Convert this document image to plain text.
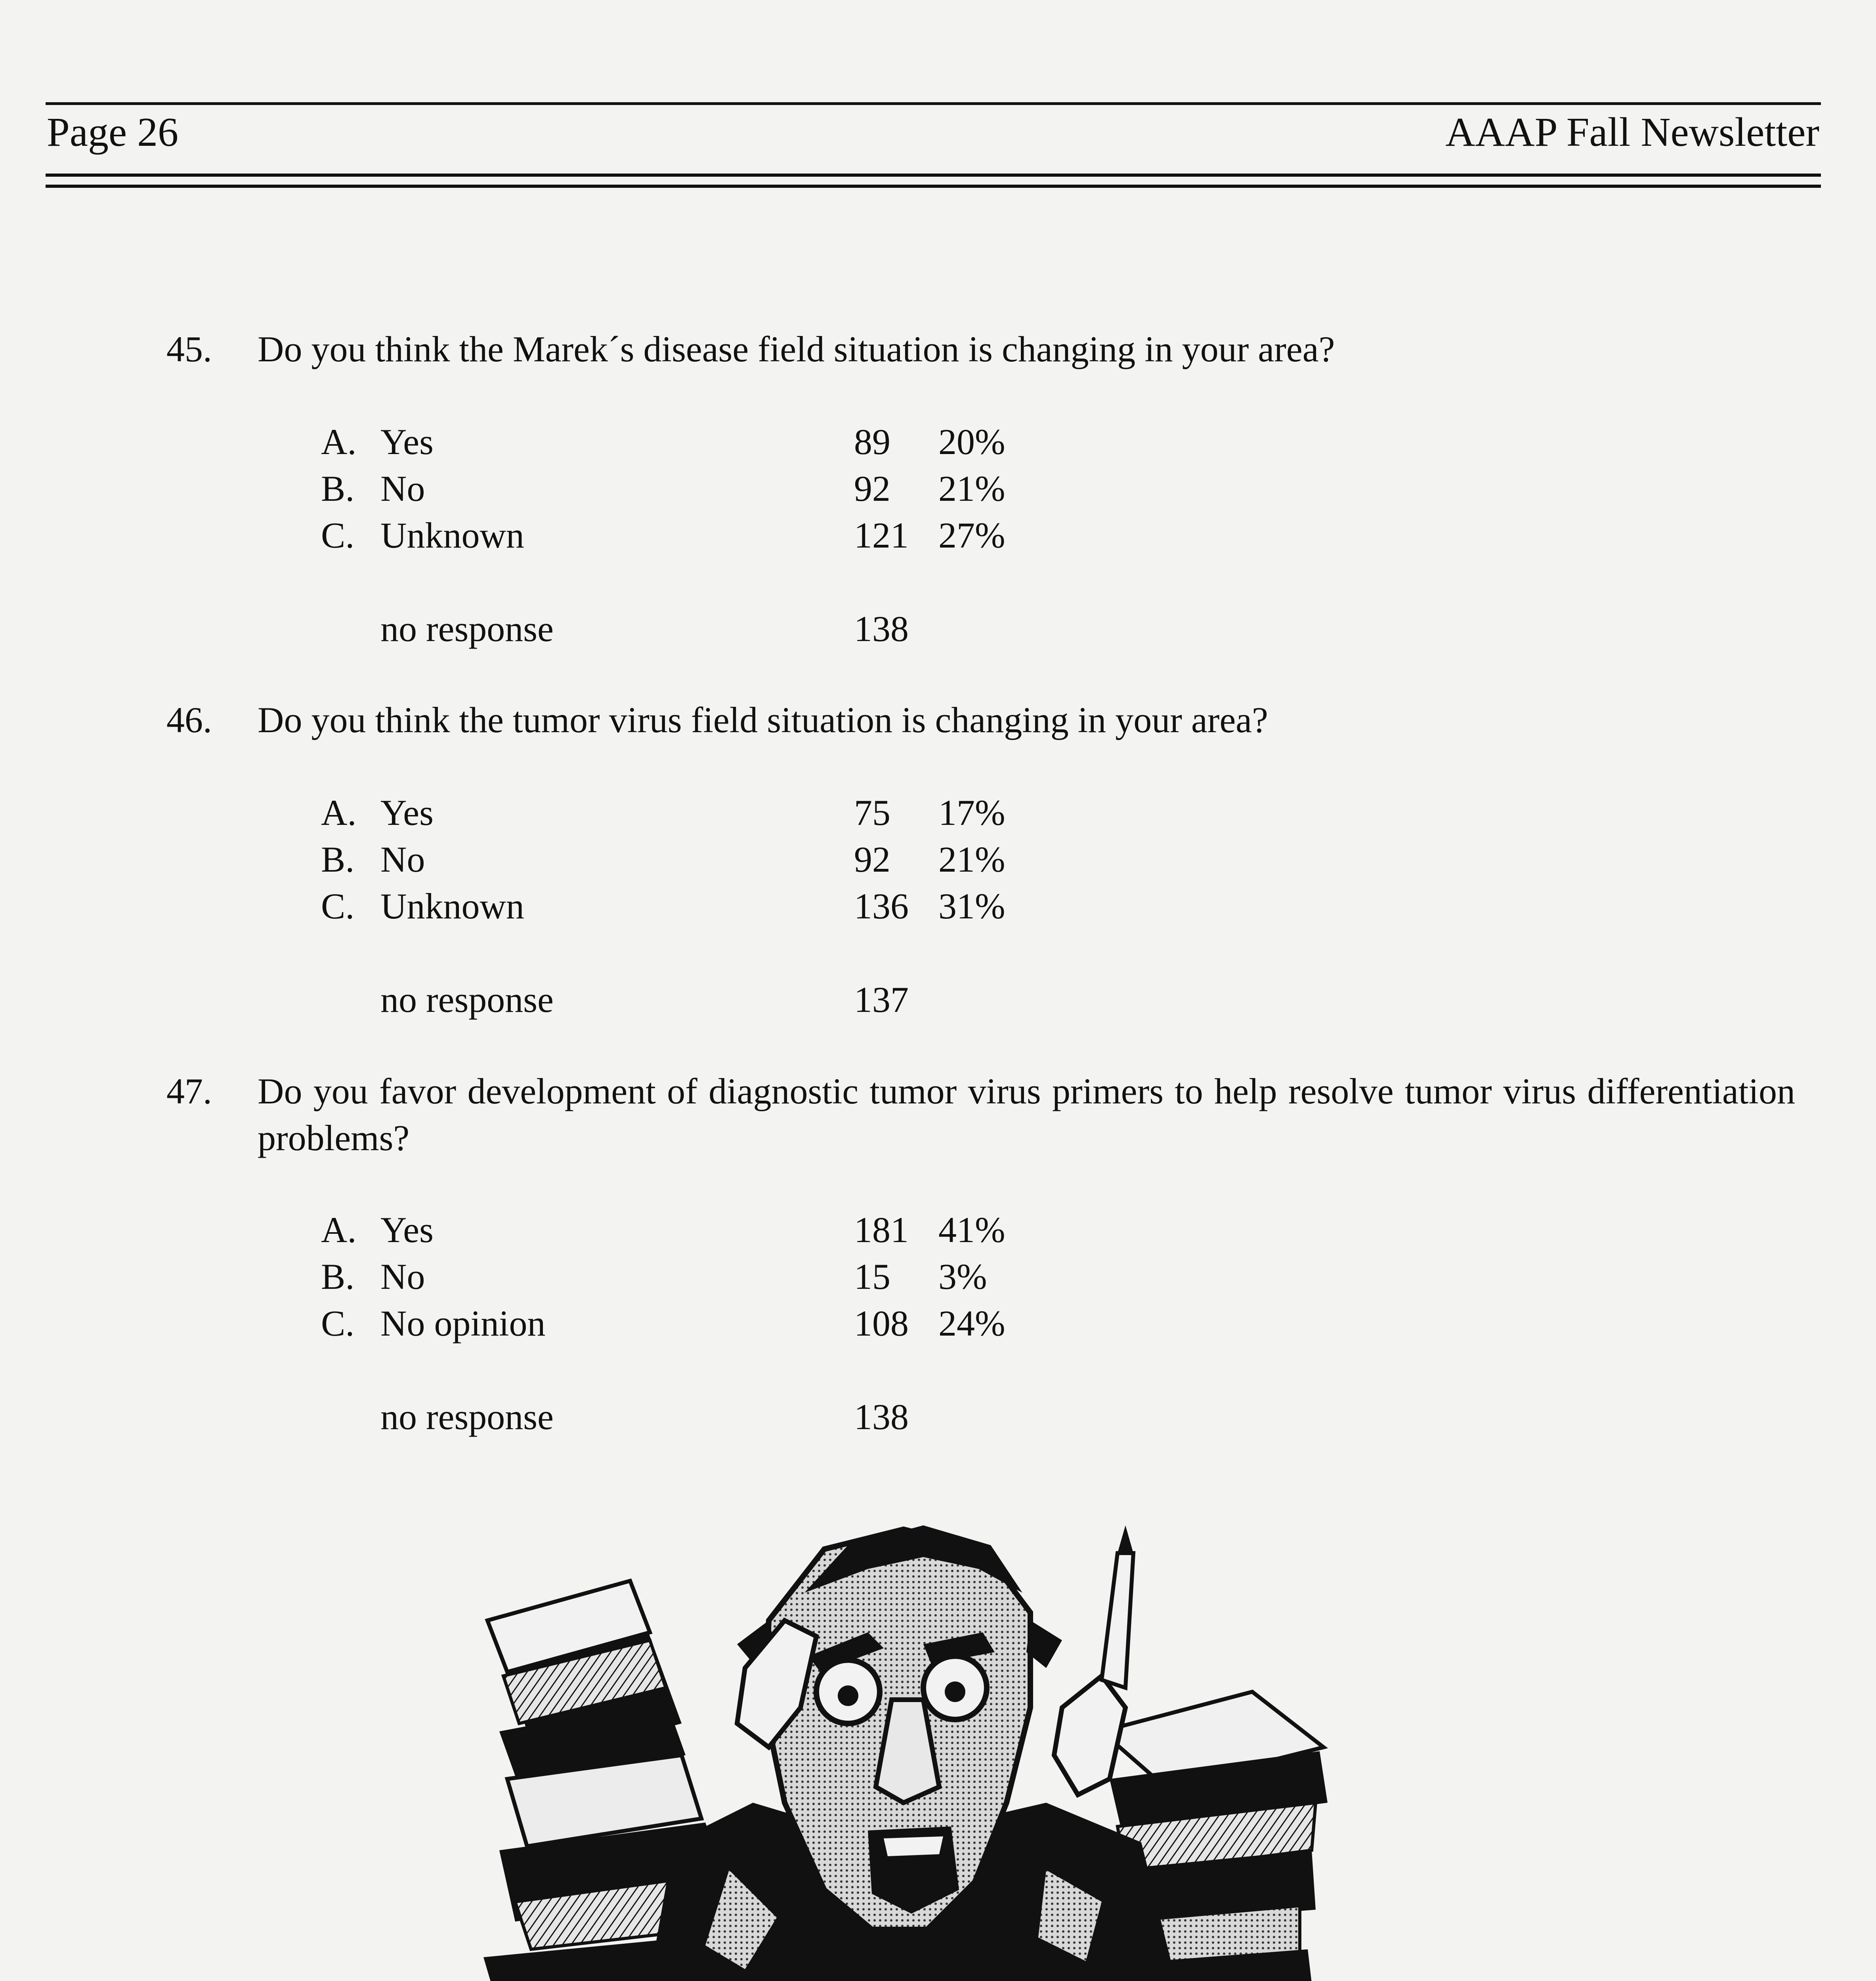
Page 26	AAAP Fall Newsletter
45. Do you think the Marek´s disease field situation is changing in your area?
A. Yes	89 20%
B. No	92 21%
C. Unknown	121 27%
no response	138
46. Do you think the tumor virus field situation is changing in your area?
A. Yes	75 17%
B. No	92 21%
C. Unknown	136 31%
no response	137
47. Do you favor development of diagnostic tumor virus primers to help resolve tumor virus differentiation problems?
A. Yes	181 41%
B. No	15 3%
C. No opinion	108 24%
no response	138
